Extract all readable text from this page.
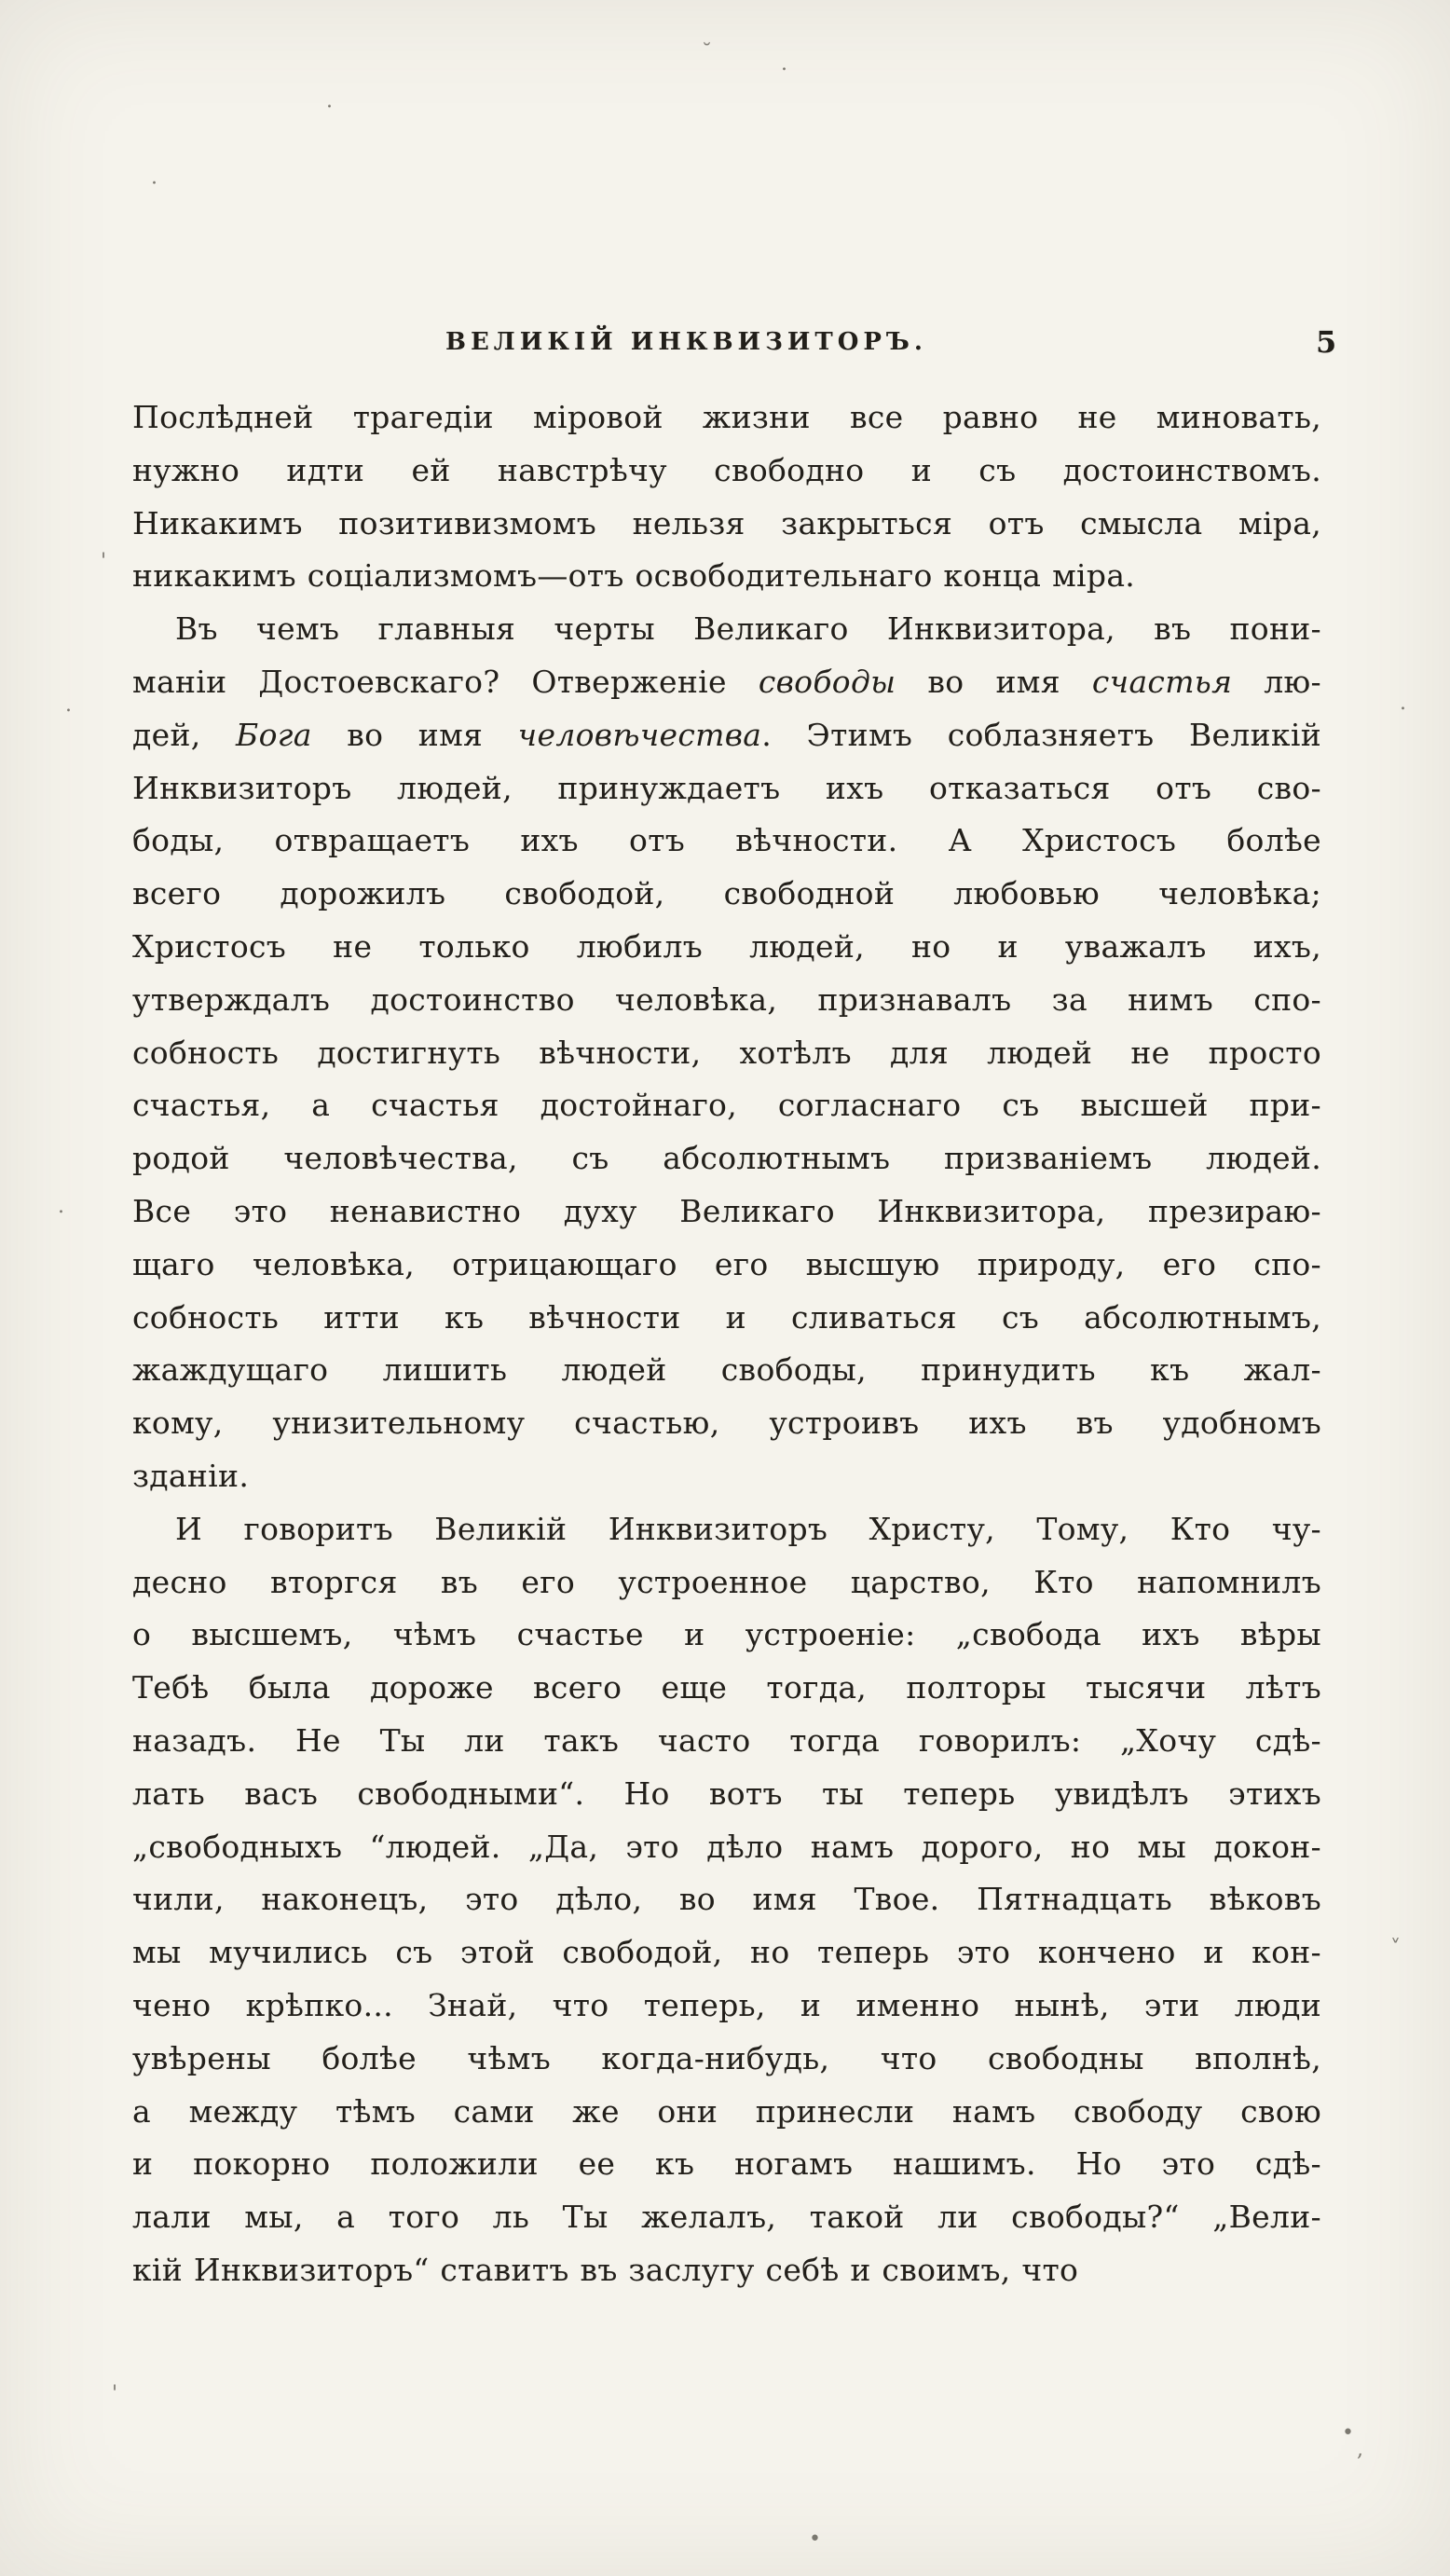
ВЕЛИКІЙ ИНКВИЗИТОРЪ.	5
Послѣдней трагедіи міровой жизни все равно не миновать,
нужно идти ей навстрѣчу свободно и съ достоинствомъ.
Никакимъ позитивизмомъ нельзя закрыться отъ смысла міра,
никакимъ соціализмомъ—отъ освободительнаго конца міра.
Въ чемъ главныя черты Великаго Инквизитора, въ пони-
маніи Достоевскаго? Отверженіе свободы во имя счастья лю-
дей, Бога во имя человѣчества. Этимъ соблазняетъ Великій
Инквизиторъ людей, принуждаетъ ихъ отказаться отъ сво-
боды, отвращаетъ ихъ отъ вѣчности. А Христосъ болѣе
всего дорожилъ свободой, свободной любовью человѣка;
Христосъ не только любилъ людей, но и уважалъ ихъ,
утверждалъ достоинство человѣка, признавалъ за нимъ спо-
собность достигнуть вѣчности, хотѣлъ для людей не просто
счастья, а счастья достойнаго, согласнаго съ высшей при-
родой человѣчества, съ абсолютнымъ призваніемъ людей.
Все это ненавистно духу Великаго Инквизитора, презираю-
щаго человѣка, отрицающаго его высшую природу, его спо-
собность итти къ вѣчности и сливаться съ абсолютнымъ,
жаждущаго лишить людей свободы, принудить къ жал-
кому, унизительному счастью, устроивъ ихъ въ удобномъ
зданіи.
И говоритъ Великій Инквизиторъ Христу, Тому, Кто чу-
десно вторгся въ его устроенное царство, Кто напомнилъ
о высшемъ, чѣмъ счастье и устроеніе: „свобода ихъ вѣры
Тебѣ была дороже всего еще тогда, полторы тысячи лѣтъ
назадъ. Не Ты ли такъ часто тогда говорилъ: „Хочу сдѣ-
лать васъ свободными“. Но вотъ ты теперь увидѣлъ этихъ
„свободныхъ “людей. „Да, это дѣло намъ дорого, но мы докон-
чили, наконецъ, это дѣло, во имя Твое. Пятнадцать вѣковъ
мы мучились съ этой свободой, но теперь это кончено и кон-
чено крѣпко... Знай, что теперь, и именно нынѣ, эти люди
увѣрены болѣе чѣмъ когда-нибудь, что свободны вполнѣ,
а между тѣмъ сами же они принесли намъ свободу свою
и покорно положили ее къ ногамъ нашимъ. Но это сдѣ-
лали мы, а того ль Ты желалъ, такой ли свободы?“ „Вели-
кій Инквизиторъ“ ставитъ въ заслугу себѣ и своимъ, что
˘	.
.
.
'
.	.
.
˅
'
•
•
,
